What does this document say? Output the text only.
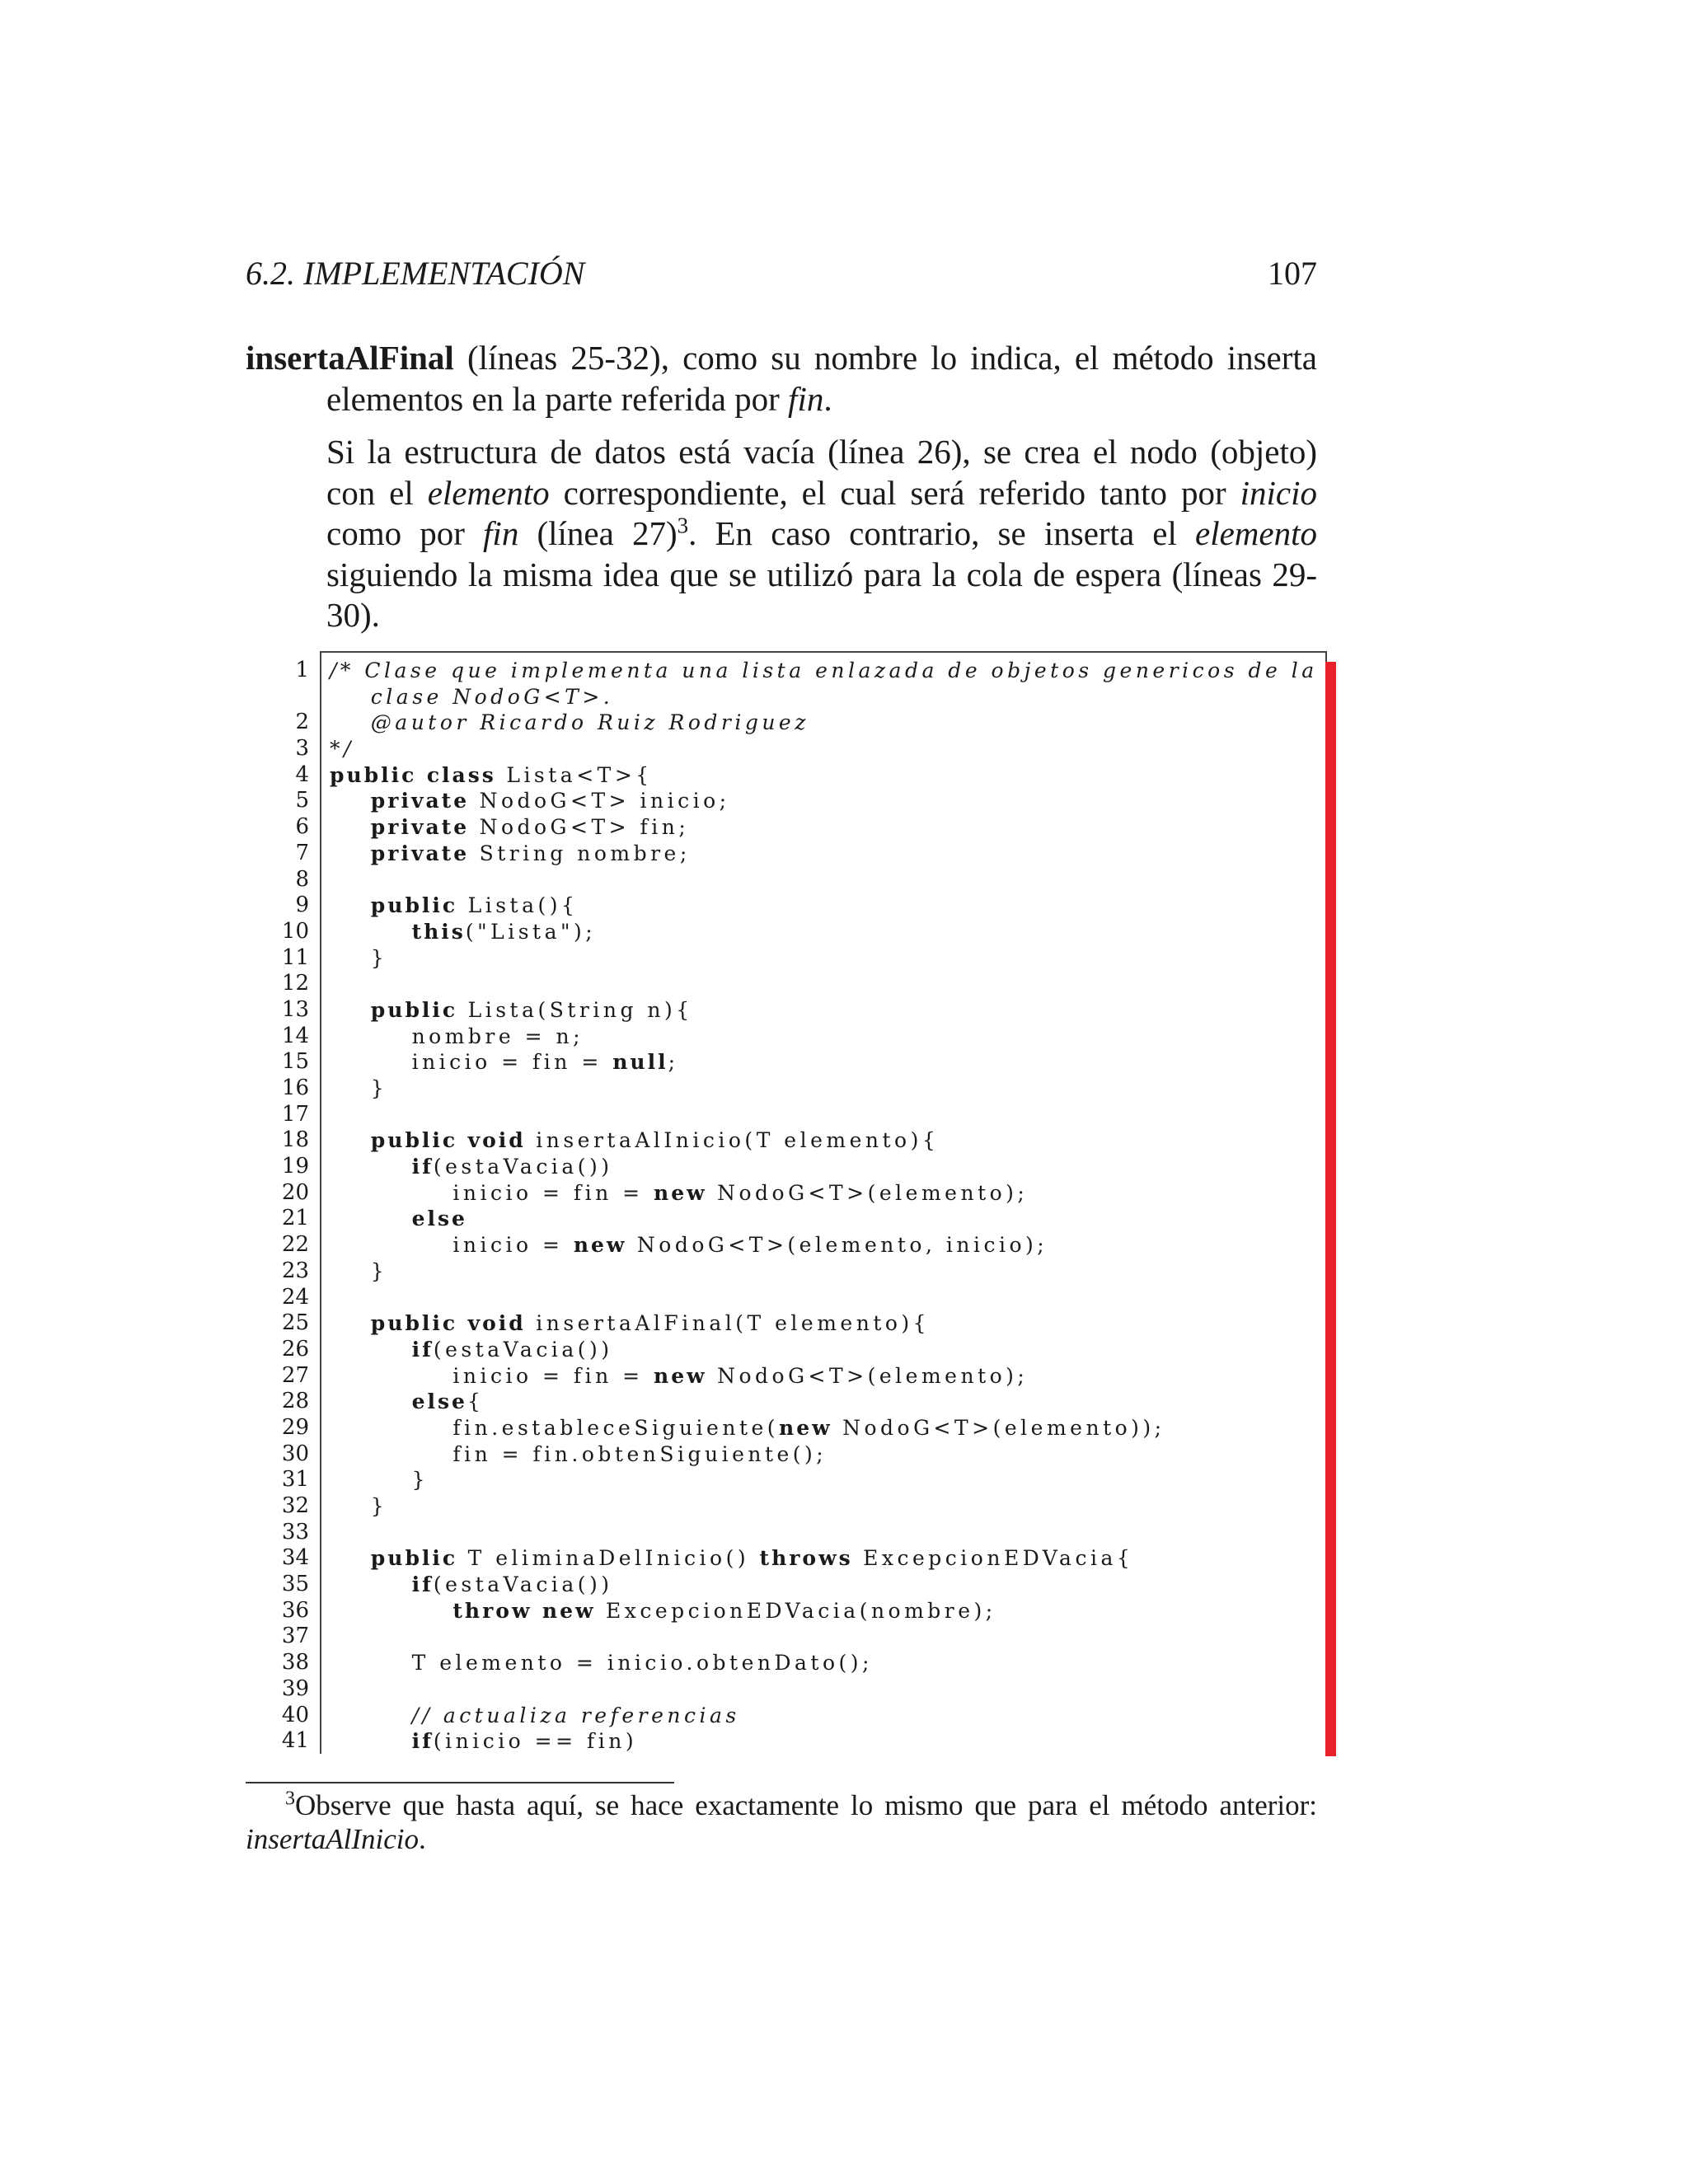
6.2. IMPLEMENTACIÓN	107

insertaAlFinal (líneas 25-32), como su nombre lo indica, el método inserta elementos en la parte referida por fin.

Si la estructura de datos está vacía (línea 26), se crea el nodo (objeto) con el elemento correspondiente, el cual será referido tanto por inicio como por fin (línea 27)$^3$. En caso contrario, se inserta el elemento siguiendo la misma idea que se utilizó para la cola de espera (líneas 29-30).

1 /* Clase que implementa una lista enlazada de objetos genericos de la
clase NodoG<T>.
2 @autor Ricardo Ruiz Rodriguez
3 */
4 public class Lista<T>{
5	private NodoG<T> inicio;
6	private NodoG<T> fin;
7	private String nombre;
8
9	public Lista(){
10	this("Lista");
11 }
12
13	public Lista(String n){
14 nombre = n;
15 inicio = fin = null;
16 }
17
18	public void insertaAlInicio(T elemento){
19	if(estaVacia())
20 inicio = fin = new NodoG<T>(elemento);
21	else
22 inicio = new NodoG<T>(elemento, inicio);
23 }
24
25	public void insertaAlFinal(T elemento){
26	if(estaVacia())
27 inicio = fin = new NodoG<T>(elemento);
28	else{
29 fin.estableceSiguiente(new NodoG<T>(elemento));
30 fin = fin.obtenSiguiente();
31 }
32 }
33
34	public T eliminaDelInicio() throws ExcepcionEDVacia{
35	if(estaVacia())
36	throw new ExcepcionEDVacia(nombre);
37
38 T elemento = inicio.obtenDato();
39
40 // actualiza referencias
41	if(inicio == fin)

$^3$Observe que hasta aquí, se hace exactamente lo mismo que para el método anterior: insertaAlInicio.
